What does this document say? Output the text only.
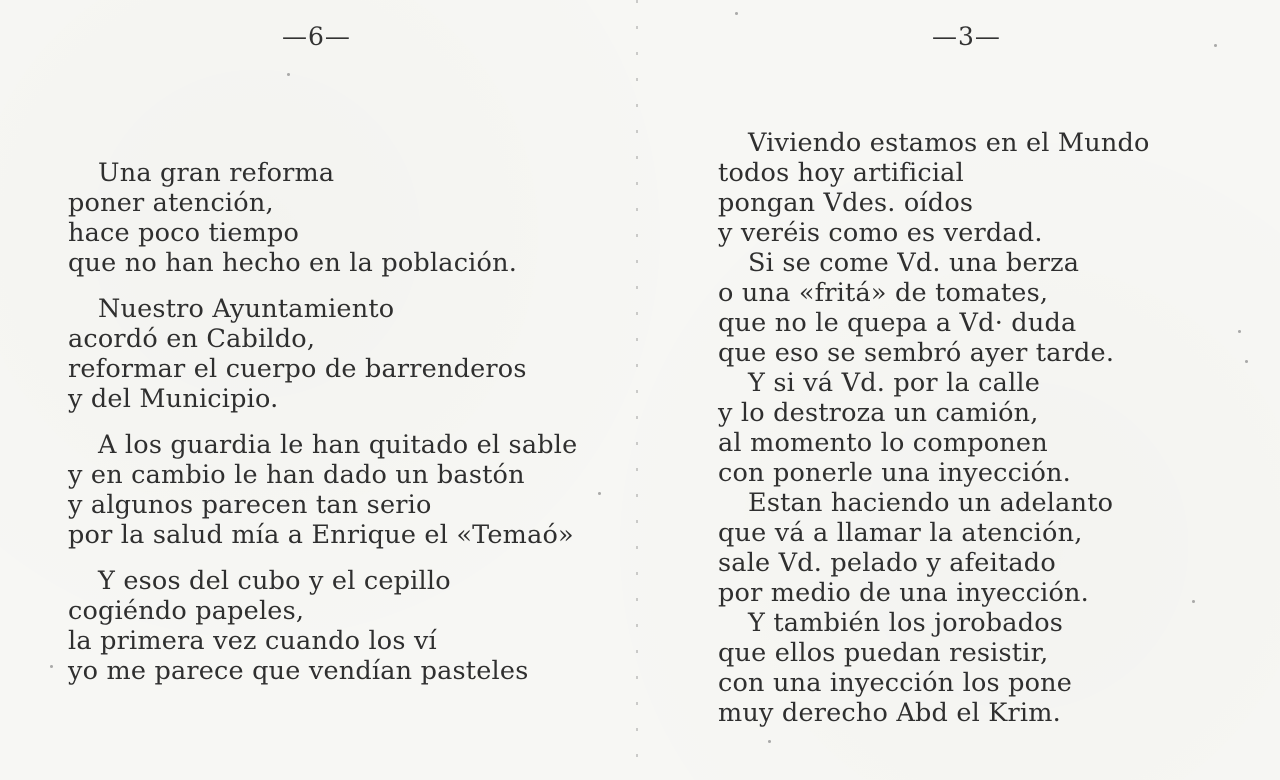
—6—	—3—
Una gran reforma
poner atención,
hace poco tiempo
que no han hecho en la población.
Nuestro Ayuntamiento
acordó en Cabildo,
reformar el cuerpo de barrenderos
y del Municipio.
A los guardia le han quitado el sable
y en cambio le han dado un bastón
y algunos parecen tan serio
por la salud mía a Enrique el «Temaó»
Y esos del cubo y el cepillo
cogiéndo papeles,
la primera vez cuando los ví
yo me parece que vendían pasteles
Viviendo estamos en el Mundo
todos hoy artificial
pongan Vdes. oídos
y veréis como es verdad.
Si se come Vd. una berza
o una «fritá» de tomates,
que no le quepa a Vd· duda
que eso se sembró ayer tarde.
Y si vá Vd. por la calle
y lo destroza un camión,
al momento lo componen
con ponerle una inyección.
Estan haciendo un adelanto
que vá a llamar la atención,
sale Vd. pelado y afeitado
por medio de una inyección.
Y también los jorobados
que ellos puedan resistir,
con una inyección los pone
muy derecho Abd el Krim.
